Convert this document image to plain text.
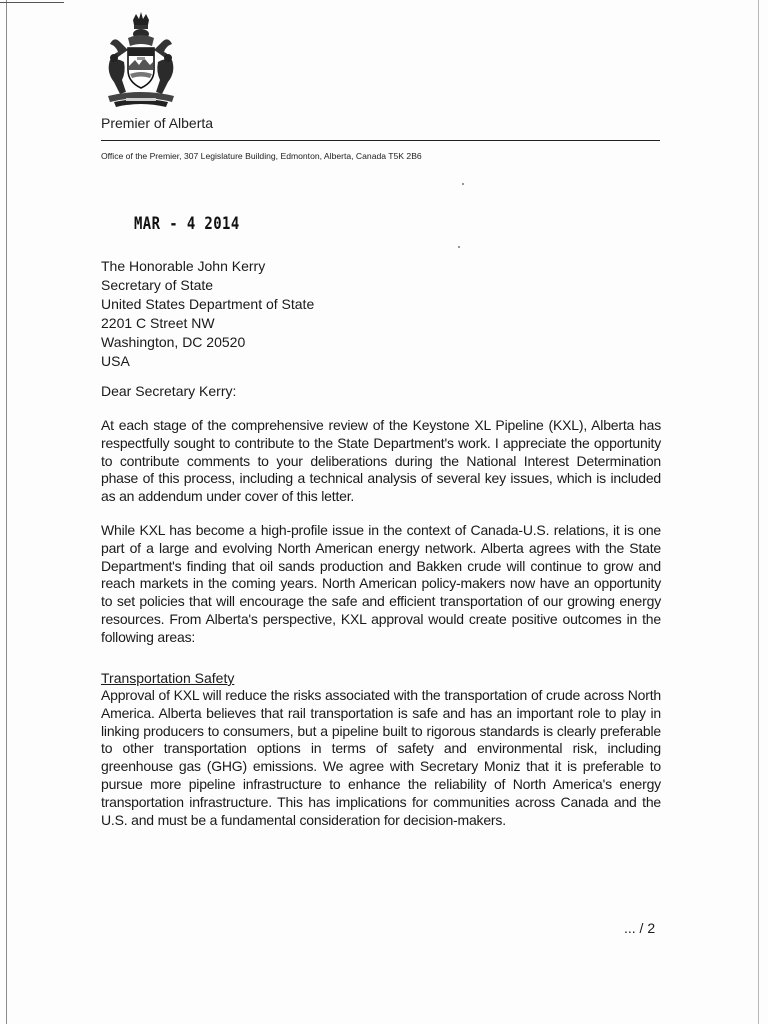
Premier of Alberta
Office of the Premier, 307 Legislature Building, Edmonton, Alberta, Canada T5K 2B6
MAR - 4 2014
The Honorable John Kerry
Secretary of State
United States Department of State
2201 C Street NW
Washington, DC 20520
USA
Dear Secretary Kerry:
At each stage of the comprehensive review of the Keystone XL Pipeline (KXL), Alberta has respectfully sought to contribute to the State Department's work. I appreciate the opportunity to contribute comments to your deliberations during the National Interest Determination phase of this process, including a technical analysis of several key issues, which is included as an addendum under cover of this letter.
While KXL has become a high-profile issue in the context of Canada-U.S. relations, it is one part of a large and evolving North American energy network. Alberta agrees with the State Department's finding that oil sands production and Bakken crude will continue to grow and reach markets in the coming years. North American policy-makers now have an opportunity to set policies that will encourage the safe and efficient transportation of our growing energy resources. From Alberta's perspective, KXL approval would create positive outcomes in the following areas:
Transportation Safety
Approval of KXL will reduce the risks associated with the transportation of crude across North America. Alberta believes that rail transportation is safe and has an important role to play in linking producers to consumers, but a pipeline built to rigorous standards is clearly preferable to other transportation options in terms of safety and environmental risk, including greenhouse gas (GHG) emissions. We agree with Secretary Moniz that it is preferable to pursue more pipeline infrastructure to enhance the reliability of North America's energy transportation infrastructure. This has implications for communities across Canada and the U.S. and must be a fundamental consideration for decision-makers.
... / 2
